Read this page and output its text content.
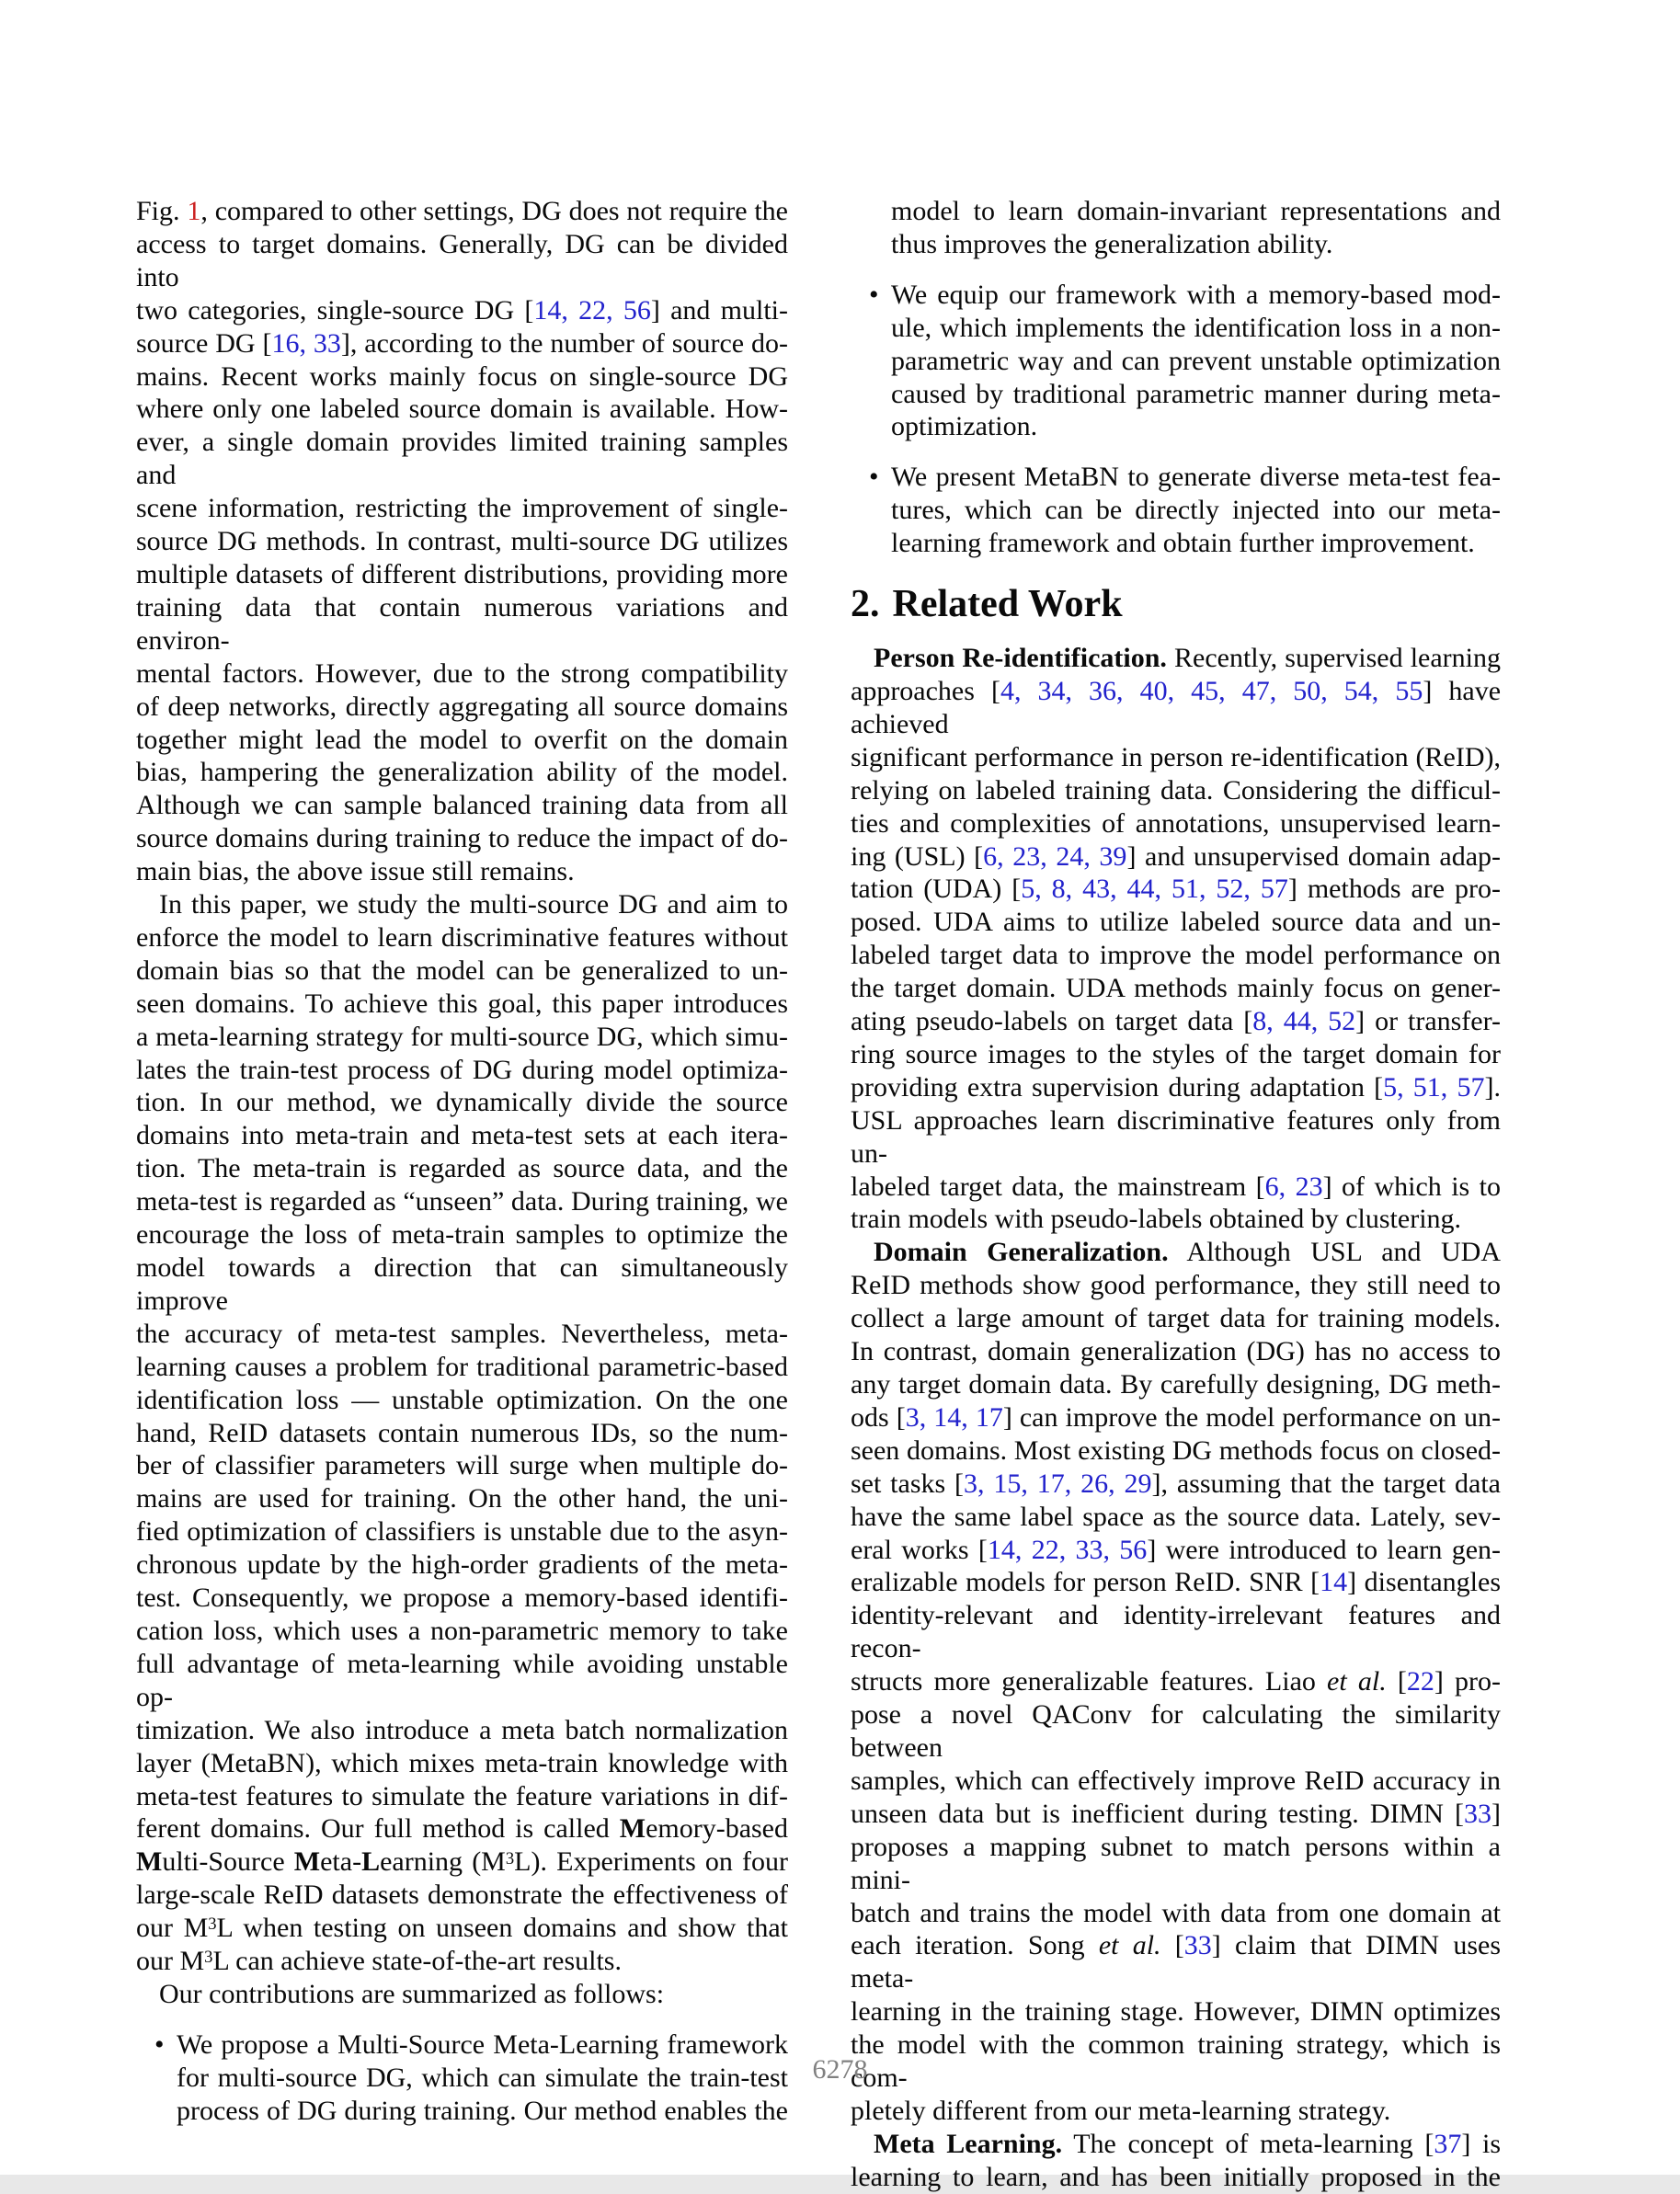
Fig. 1, compared to other settings, DG does not require the
access to target domains. Generally, DG can be divided into
two categories, single-source DG [14, 22, 56] and multi-
source DG [16, 33], according to the number of source do-
mains. Recent works mainly focus on single-source DG
where only one labeled source domain is available. How-
ever, a single domain provides limited training samples and
scene information, restricting the improvement of single-
source DG methods. In contrast, multi-source DG utilizes
multiple datasets of different distributions, providing more
training data that contain numerous variations and environ-
mental factors. However, due to the strong compatibility
of deep networks, directly aggregating all source domains
together might lead the model to overfit on the domain
bias, hampering the generalization ability of the model.
Although we can sample balanced training data from all
source domains during training to reduce the impact of do-
main bias, the above issue still remains.
In this paper, we study the multi-source DG and aim to
enforce the model to learn discriminative features without
domain bias so that the model can be generalized to un-
seen domains. To achieve this goal, this paper introduces
a meta-learning strategy for multi-source DG, which simu-
lates the train-test process of DG during model optimiza-
tion. In our method, we dynamically divide the source
domains into meta-train and meta-test sets at each itera-
tion. The meta-train is regarded as source data, and the
meta-test is regarded as “unseen” data. During training, we
encourage the loss of meta-train samples to optimize the
model towards a direction that can simultaneously improve
the accuracy of meta-test samples. Nevertheless, meta-
learning causes a problem for traditional parametric-based
identification loss — unstable optimization. On the one
hand, ReID datasets contain numerous IDs, so the num-
ber of classifier parameters will surge when multiple do-
mains are used for training. On the other hand, the uni-
fied optimization of classifiers is unstable due to the asyn-
chronous update by the high-order gradients of the meta-
test. Consequently, we propose a memory-based identifi-
cation loss, which uses a non-parametric memory to take
full advantage of meta-learning while avoiding unstable op-
timization. We also introduce a meta batch normalization
layer (MetaBN), which mixes meta-train knowledge with
meta-test features to simulate the feature variations in dif-
ferent domains. Our full method is called Memory-based
Multi-Source Meta-Learning $(M^3L)$. Experiments on four
large-scale ReID datasets demonstrate the effectiveness of
our $M^3L$ when testing on unseen domains and show that
our $M^3L$ can achieve state-of-the-art results.
Our contributions are summarized as follows:
• We propose a Multi-Source Meta-Learning framework
for multi-source DG, which can simulate the train-test
process of DG during training. Our method enables the
model to learn domain-invariant representations and
thus improves the generalization ability.
• We equip our framework with a memory-based mod-
ule, which implements the identification loss in a non-
parametric way and can prevent unstable optimization
caused by traditional parametric manner during meta-
optimization.
• We present MetaBN to generate diverse meta-test fea-
tures, which can be directly injected into our meta-
learning framework and obtain further improvement.
2. Related Work
Person Re-identification. Recently, supervised learning
approaches [4, 34, 36, 40, 45, 47, 50, 54, 55] have achieved
significant performance in person re-identification (ReID),
relying on labeled training data. Considering the difficul-
ties and complexities of annotations, unsupervised learn-
ing (USL) [6, 23, 24, 39] and unsupervised domain adap-
tation (UDA) [5, 8, 43, 44, 51, 52, 57] methods are pro-
posed. UDA aims to utilize labeled source data and un-
labeled target data to improve the model performance on
the target domain. UDA methods mainly focus on gener-
ating pseudo-labels on target data [8, 44, 52] or transfer-
ring source images to the styles of the target domain for
providing extra supervision during adaptation [5, 51, 57].
USL approaches learn discriminative features only from un-
labeled target data, the mainstream [6, 23] of which is to
train models with pseudo-labels obtained by clustering.
Domain Generalization. Although USL and UDA
ReID methods show good performance, they still need to
collect a large amount of target data for training models.
In contrast, domain generalization (DG) has no access to
any target domain data. By carefully designing, DG meth-
ods [3, 14, 17] can improve the model performance on un-
seen domains. Most existing DG methods focus on closed-
set tasks [3, 15, 17, 26, 29], assuming that the target data
have the same label space as the source data. Lately, sev-
eral works [14, 22, 33, 56] were introduced to learn gen-
eralizable models for person ReID. SNR [14] disentangles
identity-relevant and identity-irrelevant features and recon-
structs more generalizable features. Liao et al. [22] pro-
pose a novel QAConv for calculating the similarity between
samples, which can effectively improve ReID accuracy in
unseen data but is inefficient during testing. DIMN [33]
proposes a mapping subnet to match persons within a mini-
batch and trains the model with data from one domain at
each iteration. Song et al. [33] claim that DIMN uses meta-
learning in the training stage. However, DIMN optimizes
the model with the common training strategy, which is com-
pletely different from our meta-learning strategy.
Meta Learning. The concept of meta-learning [37] is
learning to learn, and has been initially proposed in the
6278
